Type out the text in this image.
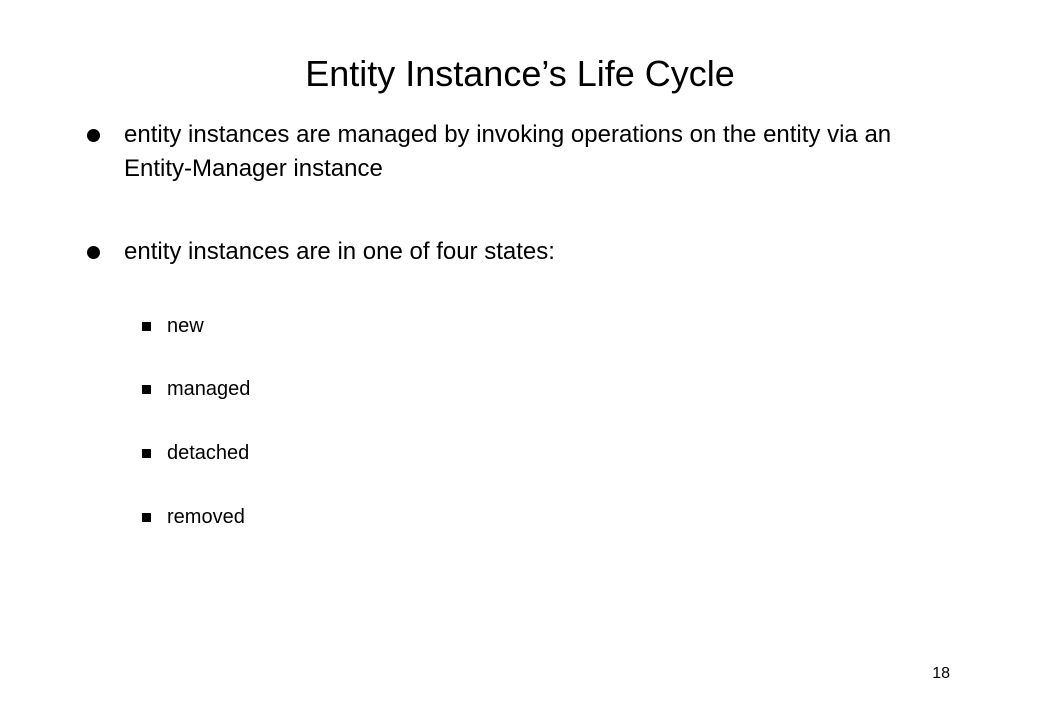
Entity Instance’s Life Cycle
entity instances are managed by invoking operations on the entity via an Entity-Manager instance
entity instances are in one of four states:
new
managed
detached
removed
18
